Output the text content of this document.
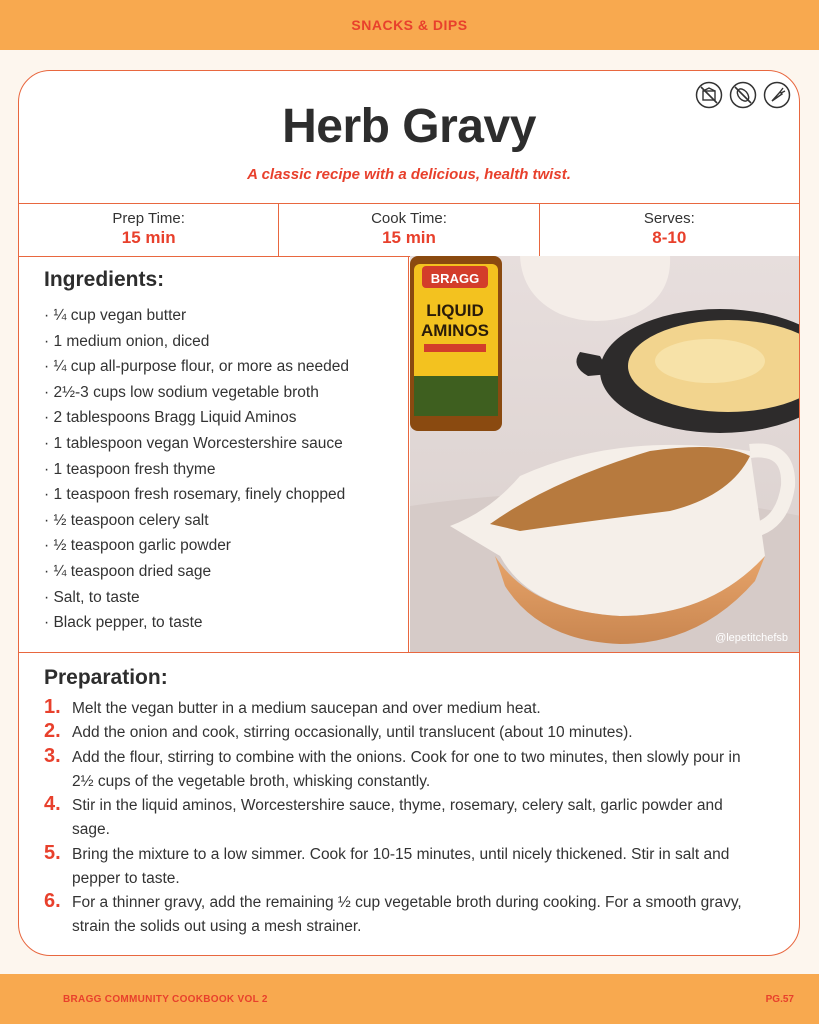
SNACKS & DIPS
Herb Gravy
A classic recipe with a delicious, health twist.
Prep Time:
15 min
Cook Time:
15 min
Serves:
8-10
Ingredients:
· ¼ cup vegan butter
· 1 medium onion, diced
· ¼ cup all-purpose flour, or more as needed
· 2½-3 cups low sodium vegetable broth
· 2 tablespoons Bragg Liquid Aminos
· 1 tablespoon vegan Worcestershire sauce
· 1 teaspoon fresh thyme
· 1 teaspoon fresh rosemary, finely chopped
· ½ teaspoon celery salt
· ½ teaspoon garlic powder
· ¼ teaspoon dried sage
· Salt, to taste
· Black pepper, to taste
BRAGG
LIQUID
AMINOS
@lepetitchefsb
Preparation:
1. Melt the vegan butter in a medium saucepan and over medium heat.
2. Add the onion and cook, stirring occasionally, until translucent (about 10 minutes).
3. Add the flour, stirring to combine with the onions. Cook for one to two minutes, then slowly pour in 2½ cups of the vegetable broth, whisking constantly.
4. Stir in the liquid aminos, Worcestershire sauce, thyme, rosemary, celery salt, garlic powder and sage.
5. Bring the mixture to a low simmer. Cook for 10-15 minutes, until nicely thickened. Stir in salt and pepper to taste.
6. For a thinner gravy, add the remaining ½ cup vegetable broth during cooking. For a smooth gravy, strain the solids out using a mesh strainer.
BRAGG COMMUNITY COOKBOOK VOL 2	PG.57
